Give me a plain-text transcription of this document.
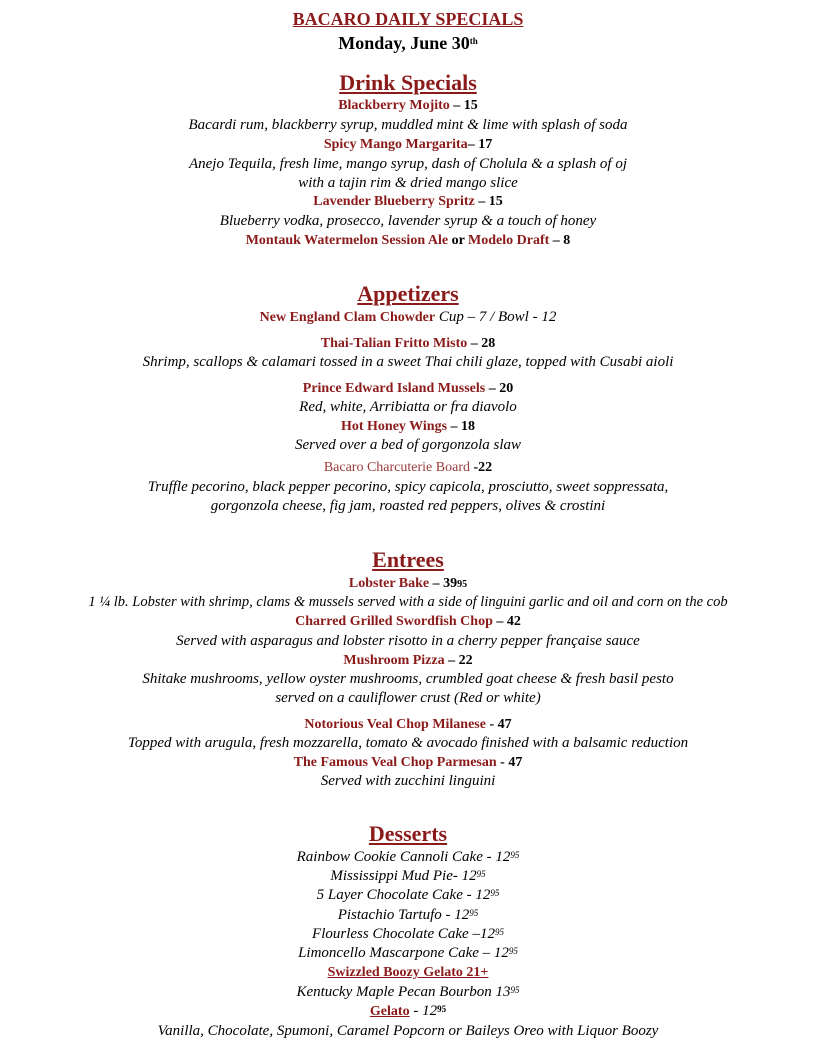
BACARO DAILY SPECIALS
Monday, June 30th
Drink Specials
Blackberry Mojito – 15
Bacardi rum, blackberry syrup, muddled mint & lime with splash of soda
Spicy Mango Margarita– 17
Anejo Tequila, fresh lime, mango syrup, dash of Cholula & a splash of oj
with a tajin rim & dried mango slice
Lavender Blueberry Spritz – 15
Blueberry vodka, prosecco, lavender syrup & a touch of honey
Montauk Watermelon Session Ale or Modelo Draft – 8
Appetizers
New England Clam Chowder Cup – 7 / Bowl - 12
Thai-Talian Fritto Misto – 28
Shrimp, scallops & calamari tossed in a sweet Thai chili glaze, topped with Cusabi aioli
Prince Edward Island Mussels – 20
Red, white, Arribiatta or fra diavolo
Hot Honey Wings – 18
Served over a bed of gorgonzola slaw
Bacaro Charcuterie Board -22
Truffle pecorino, black pepper pecorino, spicy capicola, prosciutto, sweet soppressata,
gorgonzola cheese, fig jam, roasted red peppers, olives & crostini
Entrees
Lobster Bake – 3995
1 ¼ lb. Lobster with shrimp, clams & mussels served with a side of linguini garlic and oil and corn on the cob
Charred Grilled Swordfish Chop – 42
Served with asparagus and lobster risotto in a cherry pepper française sauce
Mushroom Pizza – 22
Shitake mushrooms, yellow oyster mushrooms, crumbled goat cheese & fresh basil pesto
served on a cauliflower crust (Red or white)
Notorious Veal Chop Milanese - 47
Topped with arugula, fresh mozzarella, tomato & avocado finished with a balsamic reduction
The Famous Veal Chop Parmesan - 47
Served with zucchini linguini
Desserts
Rainbow Cookie Cannoli Cake - $12^{95}$
Mississippi Mud Pie- $12^{95}$
5 Layer Chocolate Cake - $12^{95}$
Pistachio Tartufo - $12^{95}$
Flourless Chocolate Cake $-12^{95}$
Limoncello Mascarpone Cake – $12^{95}$
Swizzled Boozy Gelato 21+
Kentucky Maple Pecan Bourbon $13^{95}$
Gelato - $12^{95}$
Vanilla, Chocolate, Spumoni, Caramel Popcorn or Baileys Oreo with Liquor Boozy
